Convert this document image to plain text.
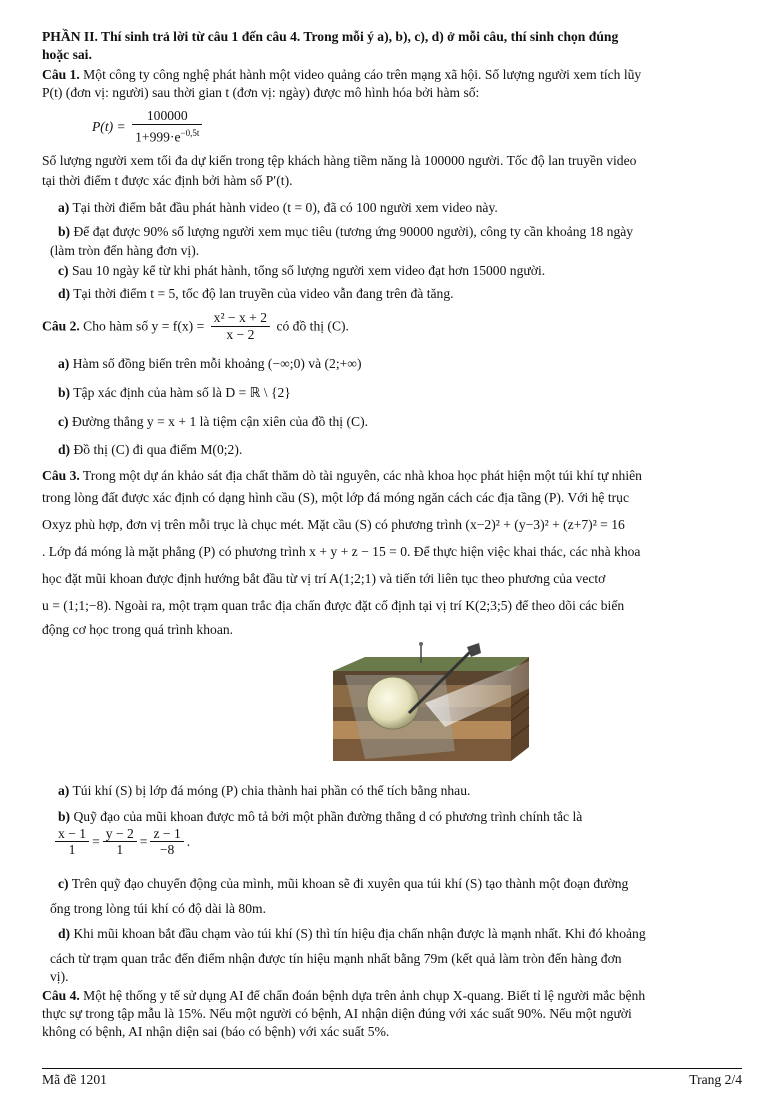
PHẦN II. Thí sinh trả lời từ câu 1 đến câu 4. Trong mỗi ý a), b), c), d) ở mỗi câu, thí sinh chọn đúng
hoặc sai.
Câu 1. Một công ty công nghệ phát hành một video quảng cáo trên mạng xã hội. Số lượng người xem tích lũy
P(t) (đơn vị: người) sau thời gian t (đơn vị: ngày) được mô hình hóa bởi hàm số:
$P(t) = \frac{100000}{1+999\cdot e^{-0,5t}}$
Số lượng người xem tối đa dự kiến trong tệp khách hàng tiềm năng là 100000 người. Tốc độ lan truyền video
tại thời điểm t được xác định bởi hàm số P′(t).
a) Tại thời điểm bắt đầu phát hành video (t = 0), đã có 100 người xem video này.
b) Để đạt được 90% số lượng người xem mục tiêu (tương ứng 90000 người), công ty cần khoảng 18 ngày
(làm tròn đến hàng đơn vị).
c) Sau 10 ngày kể từ khi phát hành, tổng số lượng người xem video đạt hơn 15000 người.
d) Tại thời điểm t = 5, tốc độ lan truyền của video vẫn đang trên đà tăng.
Câu 2. Cho hàm số $y = f(x) = \frac{\text{x² − x + 2}}{x - 2}$ có đồ thị (C).
a) Hàm số đồng biến trên mỗi khoảng (−∞;0) và (2;+∞)
b) Tập xác định của hàm số là D = ℝ \ {2}
c) Đường thẳng y = x + 1 là tiệm cận xiên của đồ thị (C).
d) Đồ thị (C) đi qua điểm M(0;2).
Câu 3. Trong một dự án khảo sát địa chất thăm dò tài nguyên, các nhà khoa học phát hiện một túi khí tự nhiên
trong lòng đất được xác định có dạng hình cầu (S), một lớp đá móng ngăn cách các địa tầng (P). Với hệ trục
Oxyz phù hợp, đơn vị trên mỗi trục là chục mét. Mặt cầu (S) có phương trình (x−2)² + (y−3)² + (z+7)² = 16
. Lớp đá móng là mặt phẳng (P) có phương trình x + y + z − 15 = 0. Để thực hiện việc khai thác, các nhà khoa
học đặt mũi khoan được định hướng bắt đầu từ vị trí A(1;2;1) và tiến tới liên tục theo phương của vectơ
u = (1;1;−8). Ngoài ra, một trạm quan trắc địa chấn được đặt cố định tại vị trí K(2;3;5) để theo dõi các biến
động cơ học trong quá trình khoan.
a) Túi khí (S) bị lớp đá móng (P) chia thành hai phần có thể tích bằng nhau.
b) Quỹ đạo của mũi khoan được mô tả bởi một phần đường thẳng d có phương trình chính tắc là
$\frac{x - 1}{1} = \frac{y - 2}{1} = \frac{z - 1}{-8}$ .
c) Trên quỹ đạo chuyển động của mình, mũi khoan sẽ đi xuyên qua túi khí (S) tạo thành một đoạn đường
ống trong lòng túi khí có độ dài là 80m.
d) Khi mũi khoan bắt đầu chạm vào túi khí (S) thì tín hiệu địa chấn nhận được là mạnh nhất. Khi đó khoảng
cách từ trạm quan trắc đến điểm nhận được tín hiệu mạnh nhất bằng 79m (kết quả làm tròn đến hàng đơn
vị).
Câu 4. Một hệ thống y tế sử dụng AI để chẩn đoán bệnh dựa trên ảnh chụp X-quang. Biết tỉ lệ người mắc bệnh
thực sự trong tập mẫu là 15%. Nếu một người có bệnh, AI nhận diện đúng với xác suất 90%. Nếu một người
không có bệnh, AI nhận diện sai (báo có bệnh) với xác suất 5%.
Mã đề 1201	Trang 2/4
